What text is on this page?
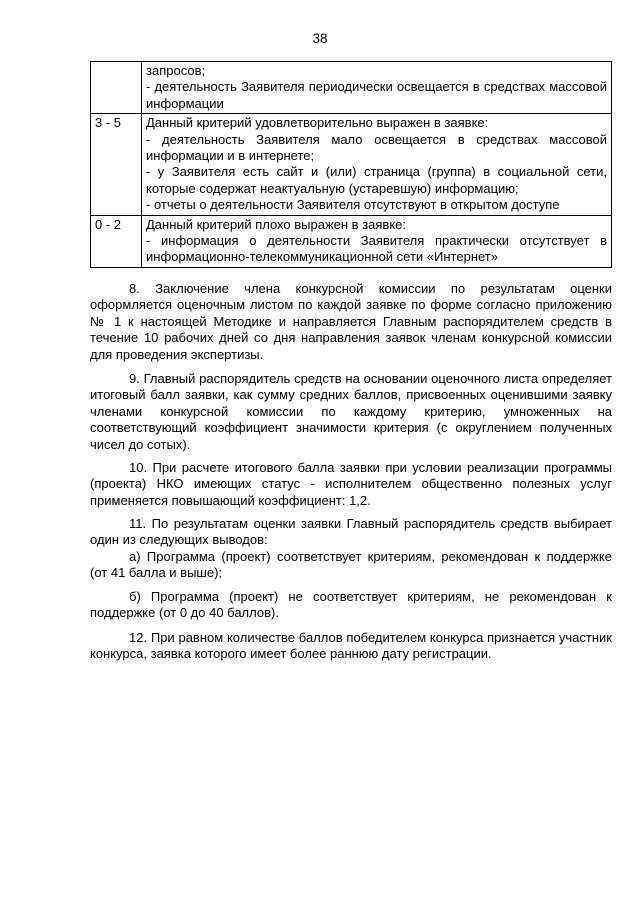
38

	запросов;
- деятельность Заявителя периодически освещается в средствах массовой информации

3 - 5	Данный критерий удовлетворительно выражен в заявке:
- деятельность Заявителя мало освещается в средствах массовой информации и в интернете;
- у Заявителя есть сайт и (или) страница (группа) в социальной сети, которые содержат неактуальную (устаревшую) информацию;
- отчеты о деятельности Заявителя отсутствуют в открытом доступе

0 - 2	Данный критерий плохо выражен в заявке:
- информация о деятельности Заявителя практически отсутствует в информационно-телекоммуникационной сети «Интернет»

8. Заключение члена конкурсной комиссии по результатам оценки оформляется оценочным листом по каждой заявке по форме согласно приложению № 1 к настоящей Методике и направляется Главным распорядителем средств в течение 10 рабочих дней со дня направления заявок членам конкурсной комиссии для проведения экспертизы.

9. Главный распорядитель средств на основании оценочного листа определяет итоговый балл заявки, как сумму средних баллов, присвоенных оценившими заявку членами конкурсной комиссии по каждому критерию, умноженных на соответствующий коэффициент значимости критерия (с округлением полученных чисел до сотых).

10. При расчете итогового балла заявки при условии реализации программы (проекта) НКО имеющих статус - исполнителем общественно полезных услуг применяется повышающий коэффициент: 1,2.

11. По результатам оценки заявки Главный распорядитель средств выбирает один из следующих выводов:

а) Программа (проект) соответствует критериям, рекомендован к поддержке (от 41 балла и выше);

б) Программа (проект) не соответствует критериям, не рекомендован к поддержке (от 0 до 40 баллов).

12. При равном количестве баллов победителем конкурса признается участник конкурса, заявка которого имеет более раннюю дату регистрации.
